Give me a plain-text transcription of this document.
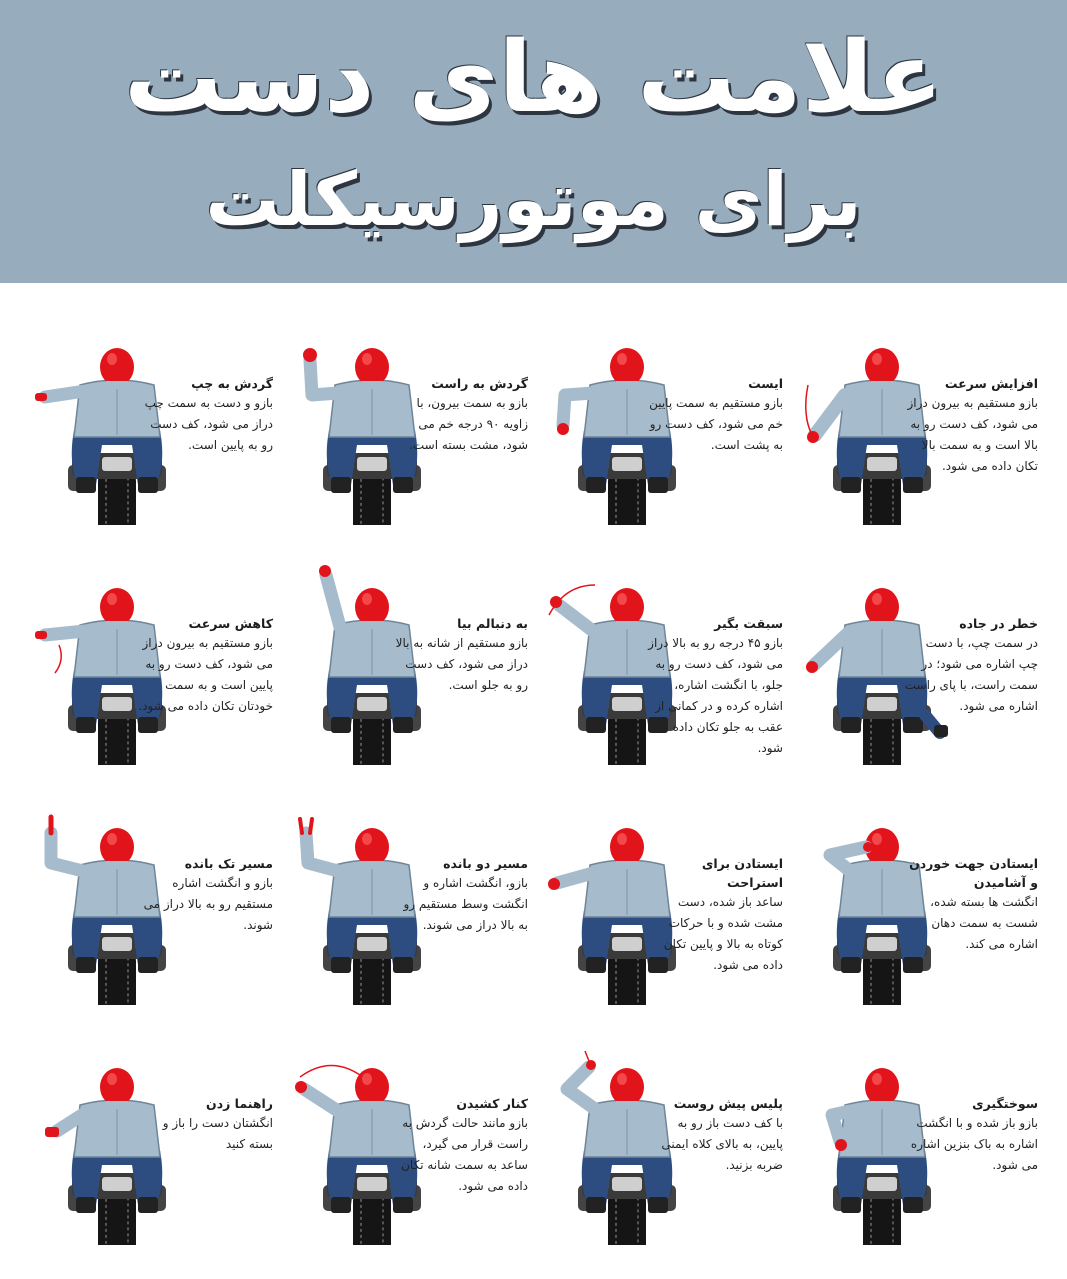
علامت های دست
برای موتورسیکلت
افزایش سرعت
بازو مستقیم به بیرون دراز می شود، کف دست رو به بالا است و به سمت بالا تکان داده می شود.
ایست
بازو مستقیم به سمت پایین خم می شود، کف دست رو به پشت است.
گردش به راست
بازو به سمت بیرون، با زاویه ۹۰ درجه خم می شود، مشت بسته است.
گردش به چپ
بازو و دست به سمت چپ دراز می شود، کف دست رو به پایین است.
خطر در جاده
در سمت چپ، با دست چپ اشاره می شود؛ در سمت راست، با پای راست اشاره می شود.
سبقت بگیر
بازو ۴۵ درجه رو به بالا دراز می شود، کف دست رو به جلو، با انگشت اشاره، اشاره کرده و در کمانی از عقب به جلو تکان داده می شود.
به دنبالم بیا
بازو مستقیم از شانه به بالا دراز می شود، کف دست رو به جلو است.
کاهش سرعت
بازو مستقیم به بیرون دراز می شود، کف دست رو به پایین است و به سمت خودتان تکان داده می شود.
ایستادن جهت خوردن و آشامیدن
انگشت ها بسته شده، شست به سمت دهان اشاره می کند.
ایستادن برای استراحت
ساعد باز شده، دست مشت شده و با حرکات کوتاه به بالا و پایین تکان داده می شود.
مسیر دو بانده
بازو، انگشت اشاره و انگشت وسط مستقیم رو به بالا دراز می شوند.
مسیر تک بانده
بازو و انگشت اشاره مستقیم رو به بالا دراز می شوند.
سوختگیری
بازو باز شده و با انگشت اشاره به باک بنزین اشاره می شود.
پلیس پیش روست
با کف دست باز رو به پایین، به بالای کلاه ایمنی ضربه بزنید.
کنار کشیدن
بازو مانند حالت گردش به راست قرار می گیرد، ساعد به سمت شانه تکان داده می شود.
راهنما زدن
انگشتان دست را باز و بسته کنید
